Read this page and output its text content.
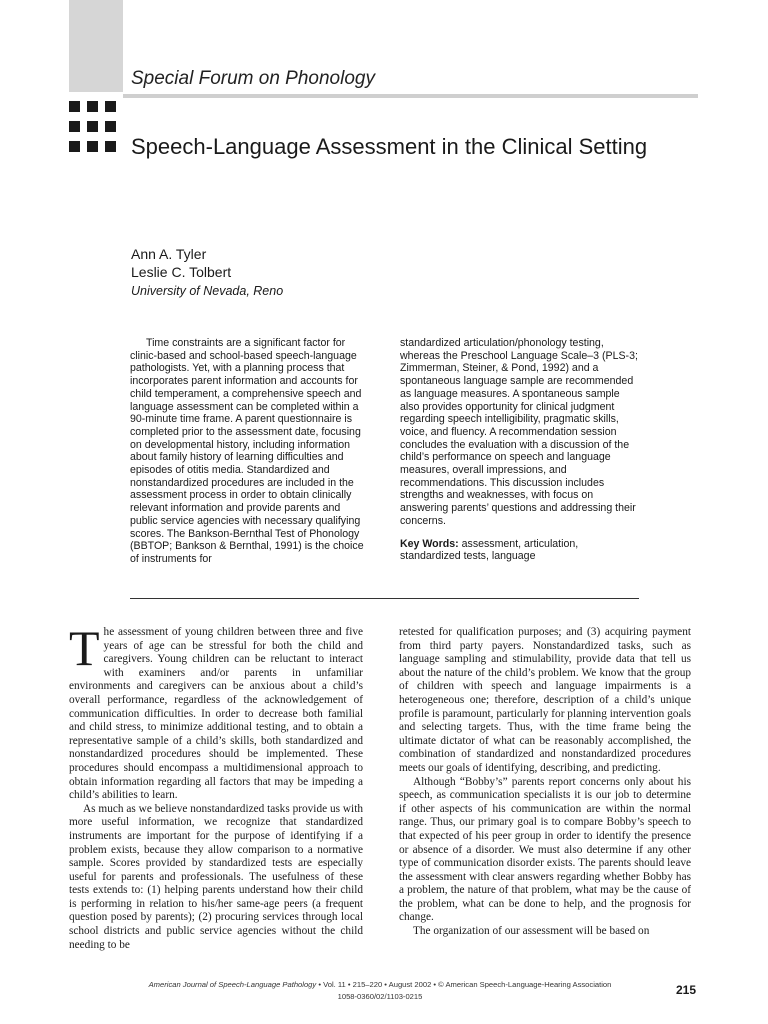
Special Forum on Phonology
Speech-Language Assessment in the Clinical Setting
Ann A. Tyler
Leslie C. Tolbert
University of Nevada, Reno

Time constraints are a significant factor for clinic-based and school-based speech-language pathologists. Yet, with a planning process that incorporates parent information and accounts for child temperament, a comprehensive speech and language assessment can be completed within a 90-minute time frame. A parent questionnaire is completed prior to the assessment date, focusing on developmental history, including information about family history of learning difficulties and episodes of otitis media. Standardized and nonstandardized procedures are included in the assessment process in order to obtain clinically relevant information and provide parents and public service agencies with necessary qualifying scores. The Bankson-Bernthal Test of Phonology (BBTOP; Bankson & Bernthal, 1991) is the choice of instruments for

standardized articulation/phonology testing, whereas the Preschool Language Scale–3 (PLS-3; Zimmerman, Steiner, & Pond, 1992) and a spontaneous language sample are recommended as language measures. A spontaneous sample also provides opportunity for clinical judgment regarding speech intelligibility, pragmatic skills, voice, and fluency. A recommendation session concludes the evaluation with a discussion of the child’s performance on speech and language measures, overall impressions, and recommendations. This discussion includes strengths and weaknesses, with focus on answering parents’ questions and addressing their concerns.

Key Words: assessment, articulation, standardized tests, language

The assessment of young children between three and five years of age can be stressful for both the child and caregivers. Young children can be reluctant to interact with examiners and/or parents in unfamiliar environments and caregivers can be anxious about a child’s overall performance, regardless of the acknowledgement of communication difficulties. In order to decrease both familial and child stress, to minimize additional testing, and to obtain a representative sample of a child’s skills, both standardized and nonstandardized procedures should be implemented. These procedures should encompass a multidimensional approach to obtain information regarding all factors that may be impeding a child’s abilities to learn.

As much as we believe nonstandardized tasks provide us with more useful information, we recognize that standardized instruments are important for the purpose of identifying if a problem exists, because they allow comparison to a normative sample. Scores provided by standardized tests are especially useful for parents and professionals. The usefulness of these tests extends to: (1) helping parents understand how their child is performing in relation to his/her same-age peers (a frequent question posed by parents); (2) procuring services through local school districts and public service agencies without the child needing to be

retested for qualification purposes; and (3) acquiring payment from third party payers. Nonstandardized tasks, such as language sampling and stimulability, provide data that tell us about the nature of the child’s problem. We know that the group of children with speech and language impairments is a heterogeneous one; therefore, description of a child’s unique profile is paramount, particularly for planning intervention goals and selecting targets. Thus, with the time frame being the ultimate dictator of what can be reasonably accomplished, the combination of standardized and nonstandardized procedures meets our goals of identifying, describing, and predicting.

Although “Bobby’s” parents report concerns only about his speech, as communication specialists it is our job to determine if other aspects of his communication are within the normal range. Thus, our primary goal is to compare Bobby’s speech to that expected of his peer group in order to identify the presence or absence of a disorder. We must also determine if any other type of communication disorder exists. The parents should leave the assessment with clear answers regarding whether Bobby has a problem, the nature of that problem, what may be the cause of the problem, what can be done to help, and the prognosis for change.

The organization of our assessment will be based on

American Journal of Speech-Language Pathology • Vol. 11 • 215–220 • August 2002 • © American Speech-Language-Hearing Association
1058-0360/02/1103-0215	215
